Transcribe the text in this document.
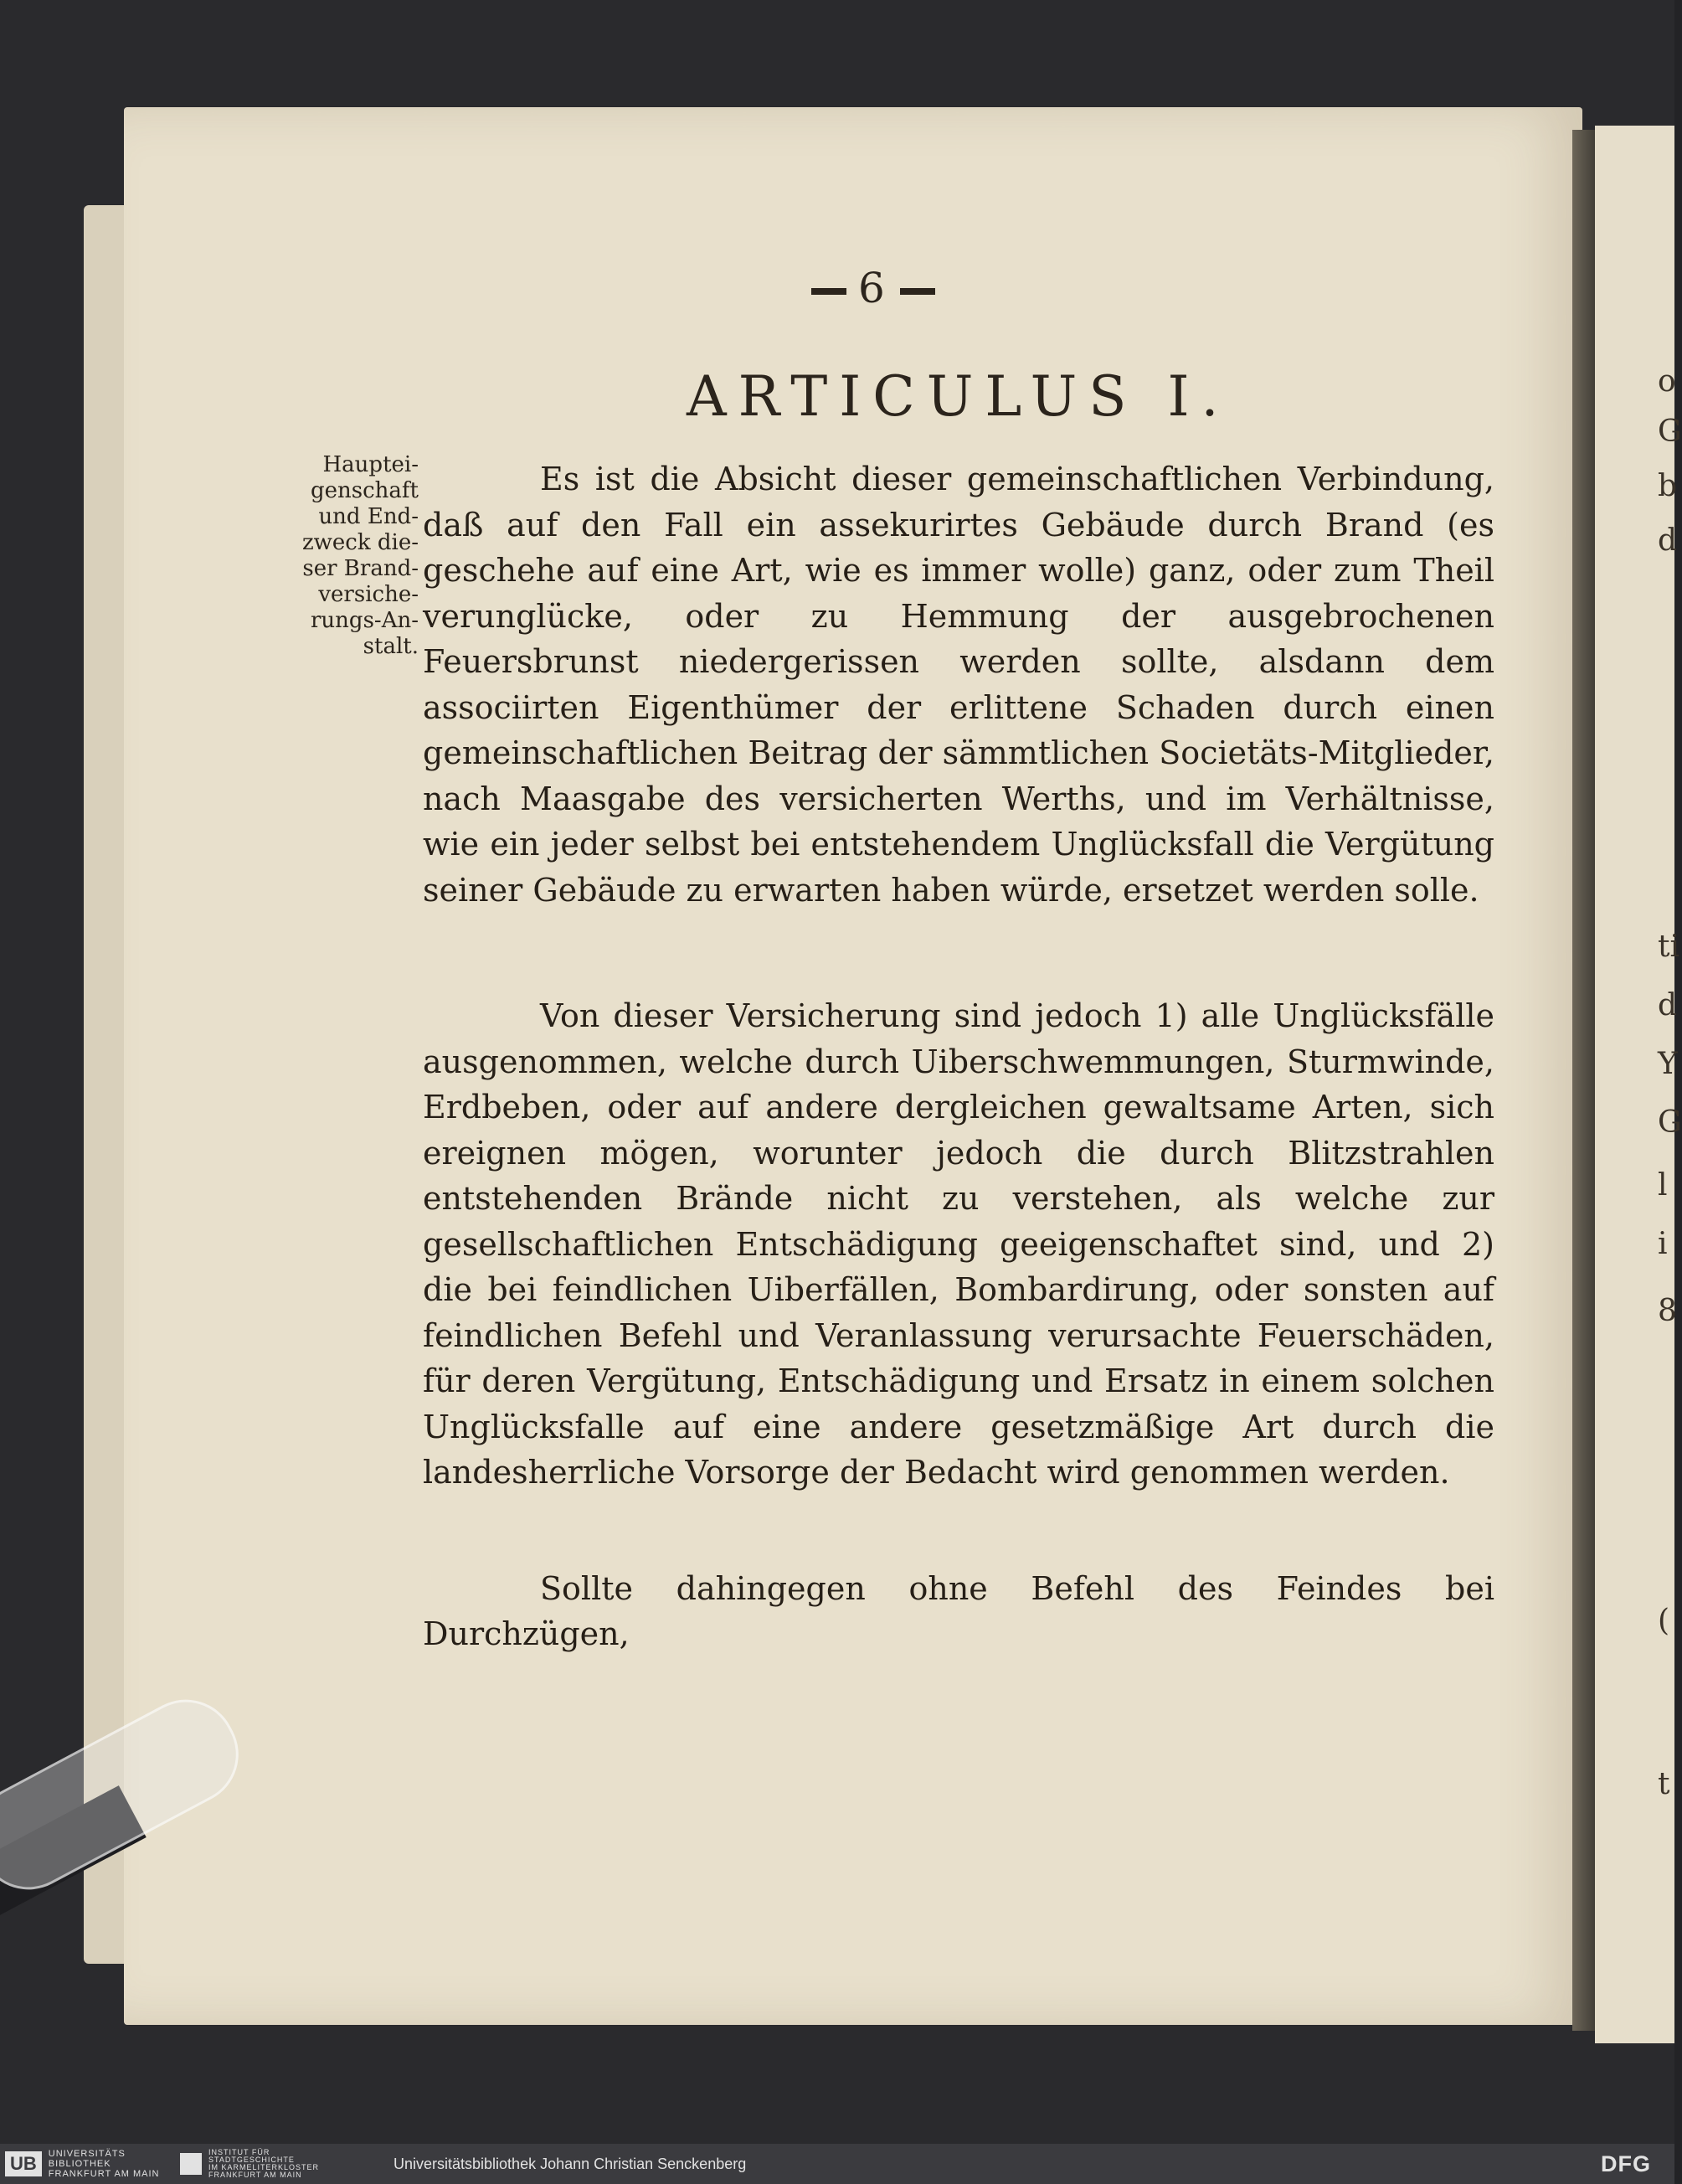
o
G
b
d
ti
d
Y
G
l
i
8
(
t
6
ARTICULUS I.
Hauptei-
genschaft
und End-
zweck die-
ser Brand-
versiche-
rungs-An-
stalt.

Es ist die Absicht dieser gemeinschaftlichen Verbindung, daß auf den Fall ein assekurirtes Gebäude durch Brand (es geschehe auf eine Art, wie es immer wolle) ganz, oder zum Theil verunglücke, oder zu Hemmung der ausgebrochenen Feuersbrunst niedergerissen werden sollte, alsdann dem associirten Eigenthümer der erlittene Schaden durch einen gemeinschaftlichen Beitrag der sämmtlichen Societäts-Mitglieder, nach Maasgabe des versicherten Werths, und im Verhältnisse, wie ein jeder selbst bei entstehendem Unglücksfall die Vergütung seiner Gebäude zu erwarten haben würde, ersetzet werden solle.

Von dieser Versicherung sind jedoch 1) alle Unglücksfälle ausgenommen, welche durch Uiberschwemmungen, Sturmwinde, Erdbeben, oder auf andere dergleichen gewaltsame Arten, sich ereignen mögen, worunter jedoch die durch Blitzstrahlen entstehenden Brände nicht zu verstehen, als welche zur gesellschaftlichen Entschädigung geeigenschaftet sind, und 2) die bei feindlichen Uiberfällen, Bombardirung, oder sonsten auf feindlichen Befehl und Veranlassung verursachte Feuerschäden, für deren Vergütung, Entschädigung und Ersatz in einem solchen Unglücksfalle auf eine andere gesetzmäßige Art durch die landesherrliche Vorsorge der Bedacht wird genommen werden.

Sollte dahingegen ohne Befehl des Feindes bei Durchzügen,

UB	UNIVERSITÄTS
BIBLIOTHEK
FRANKFURT AM MAIN
INSTITUT FÜR
STADTGESCHICHTE
IM KARMELITERKLOSTER
FRANKFURT AM MAIN
Universitätsbibliothek Johann Christian Senckenberg	DFG
